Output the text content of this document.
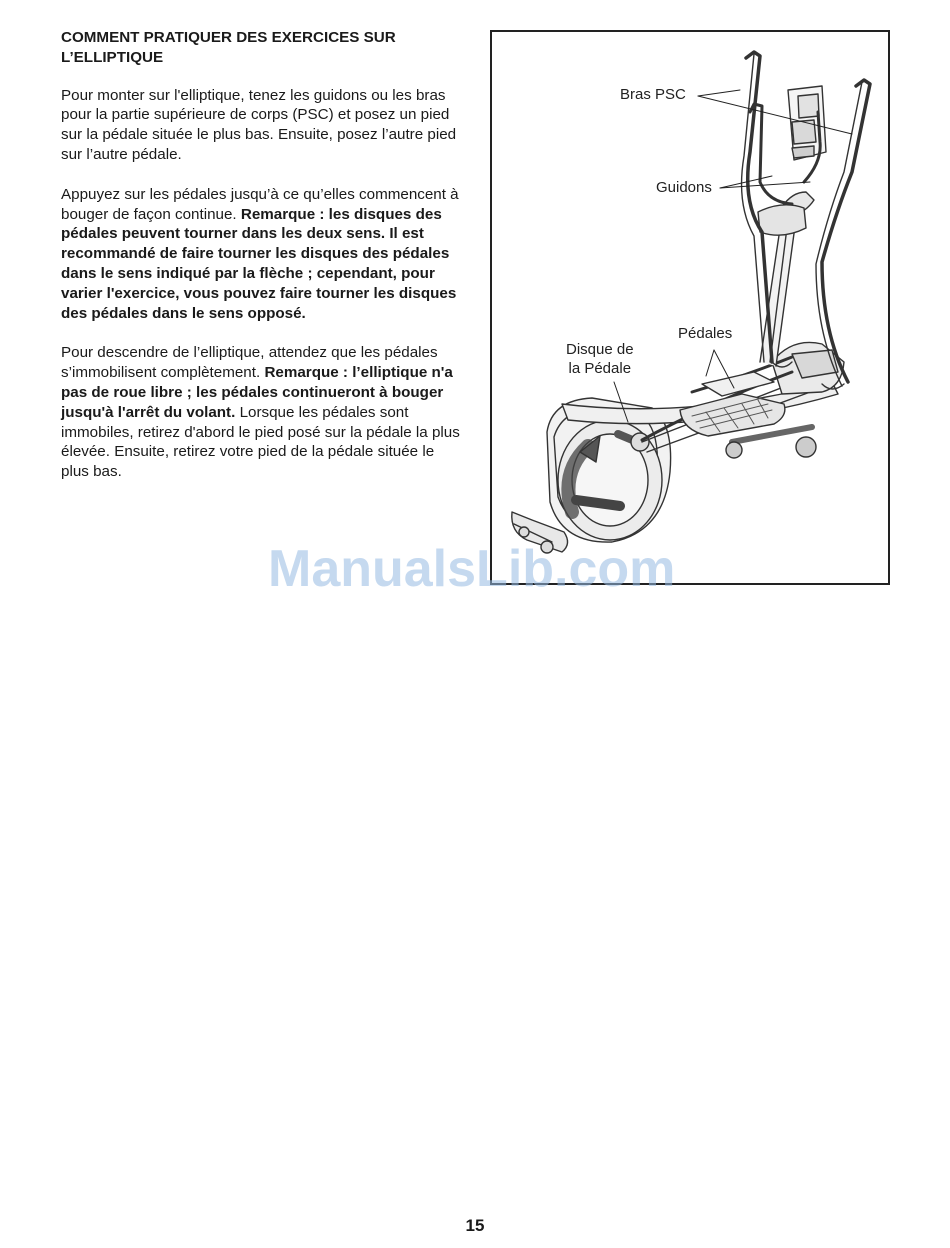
COMMENT PRATIQUER DES EXERCICES SUR
L’ELLIPTIQUE

Pour monter sur l'elliptique, tenez les guidons ou les bras pour la partie supérieure de corps (PSC) et posez un pied sur la pédale située le plus bas. Ensuite, posez l’autre pied sur l’autre pédale.

Appuyez sur les pédales jusqu’à ce qu’elles commencent à bouger de façon continue. Remarque : les disques des pédales peuvent tourner dans les deux sens. Il est recommandé de faire tourner les disques des pédales dans le sens indiqué par la flèche ; cependant, pour varier l'exercice, vous pouvez faire tourner les disques des pédales dans le sens opposé.

Pour descendre de l’elliptique, attendez que les pédales s’immobilisent complètement. Remarque : l’elliptique n'a pas de roue libre ; les pédales continueront à bouger jusqu'à l'arrêt du volant. Lorsque les pédales sont immobiles, retirez d'abord le pied posé sur la pédale la plus élevée. Ensuite, retirez votre pied de la pédale située le plus bas.

Bras PSC
Guidons
Pédales
Disque de
la Pédale
ManualsLib.com
15
